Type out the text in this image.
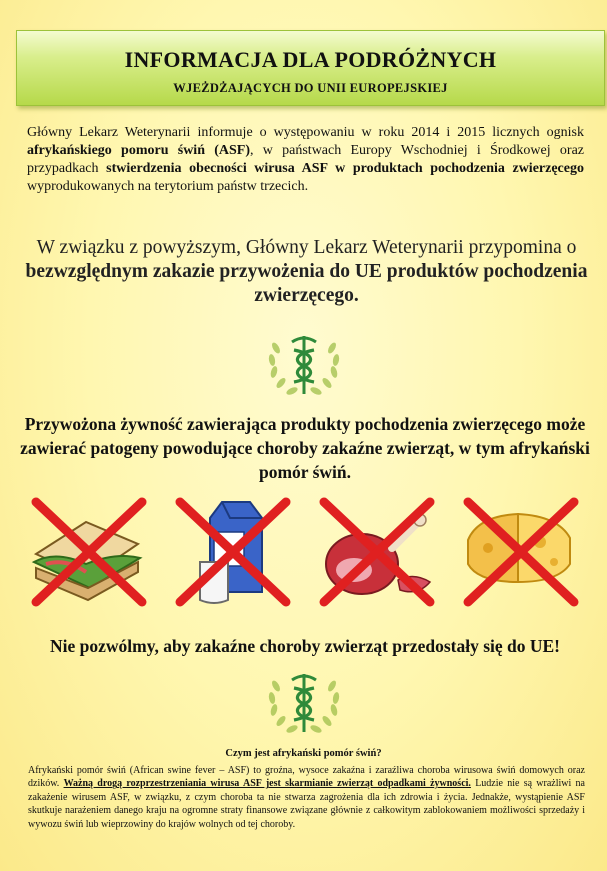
INFORMACJA DLA PODRÓŻNYCH
WJEŻDŻAJĄCYCH DO UNII EUROPEJSKIEJ

Główny Lekarz Weterynarii informuje o występowaniu w roku 2014 i 2015 licznych ognisk afrykańskiego pomoru świń (ASF), w państwach Europy Wschodniej i Środkowej oraz przypadkach stwierdzenia obecności wirusa ASF w produktach pochodzenia zwierzęcego wyprodukowanych na terytorium państw trzecich.

W związku z powyższym, Główny Lekarz Weterynarii przypomina o bezwzględnym zakazie przywożenia do UE produktów pochodzenia zwierzęcego.

Przywożona żywność zawierająca produkty pochodzenia zwierzęcego może zawierać patogeny powodujące choroby zakaźne zwierząt, w tym afrykański pomór świń.

Nie pozwólmy, aby zakaźne choroby zwierząt przedostały się do UE!

Czym jest afrykański pomór świń?

Afrykański pomór świń (African swine fever – ASF) to groźna, wysoce zakaźna i zaraźliwa choroba wirusowa świń domowych oraz dzików. Ważną drogą rozprzestrzeniania wirusa ASF jest skarmianie zwierząt odpadkami żywności. Ludzie nie są wrażliwi na zakażenie wirusem ASF, w związku, z czym choroba ta nie stwarza zagrożenia dla ich zdrowia i życia. Jednakże, wystąpienie ASF skutkuje narażeniem danego kraju na ogromne straty finansowe związane głównie z całkowitym zablokowaniem możliwości sprzedaży i wywozu świń lub wieprzowiny do krajów wolnych od tej choroby.
